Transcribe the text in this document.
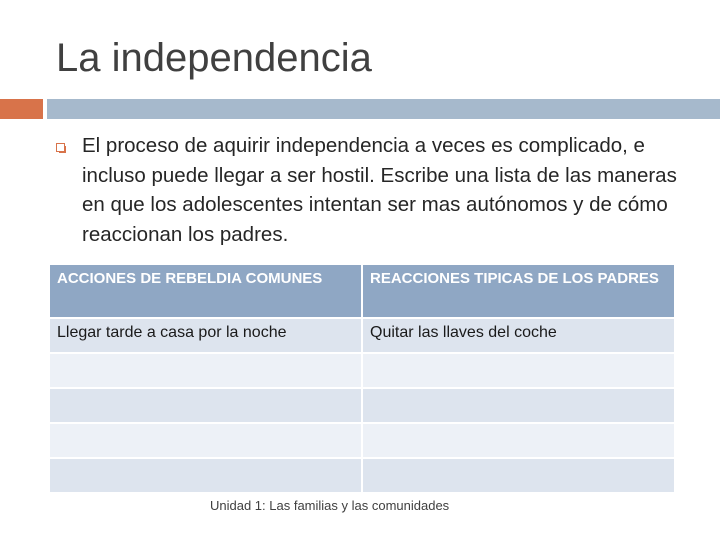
La independencia
El proceso de aquirir independencia a veces es complicado, e incluso puede llegar a ser hostil. Escribe una lista de las maneras en que los adolescentes intentan ser mas autónomos y de cómo reaccionan los padres.
ACCIONES DE REBELDIA COMUNES	REACCIONES TIPICAS DE LOS PADRES
Llegar tarde a casa por la noche	Quitar las llaves del coche

Unidad 1: Las familias y las comunidades
